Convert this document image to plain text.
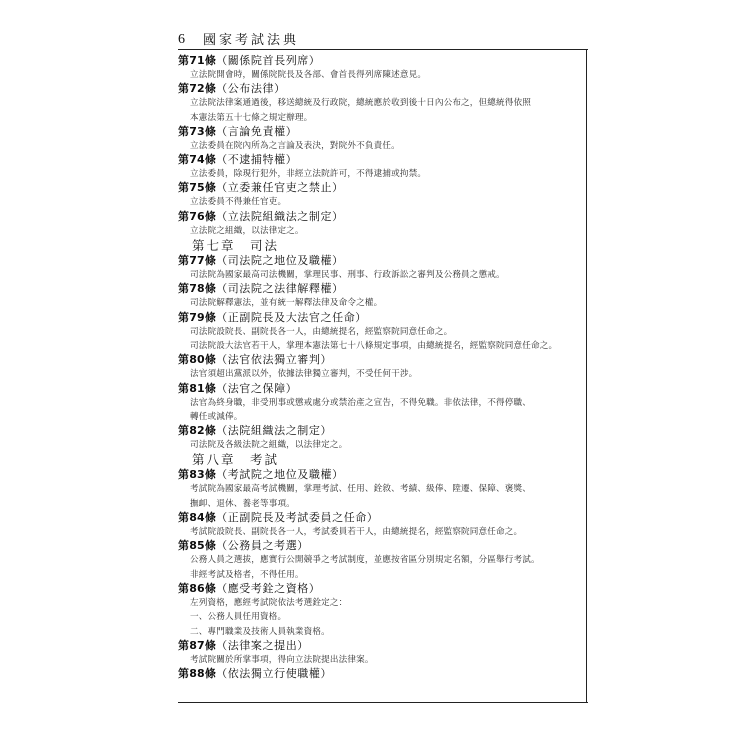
6 國家考試法典
第71條（關係院首長列席）
立法院開會時，關係院院長及各部、會首長得列席陳述意見。
第72條（公布法律）
立法院法律案通過後，移送總統及行政院，總統應於收到後十日內公布之，但總統得依照
本憲法第五十七條之規定辦理。
第73條（言論免責權）
立法委員在院內所為之言論及表決，對院外不負責任。
第74條（不逮捕特權）
立法委員，除現行犯外，非經立法院許可，不得逮捕或拘禁。
第75條（立委兼任官吏之禁止）
立法委員不得兼任官吏。
第76條（立法院組織法之制定）
立法院之組織，以法律定之。
第七章　司法
第77條（司法院之地位及職權）
司法院為國家最高司法機關，掌理民事、刑事、行政訴訟之審判及公務員之懲戒。
第78條（司法院之法律解釋權）
司法院解釋憲法，並有統一解釋法律及命令之權。
第79條（正副院長及大法官之任命）
司法院設院長、副院長各一人，由總統提名，經監察院同意任命之。
司法院設大法官若干人，掌理本憲法第七十八條規定事項，由總統提名，經監察院同意任命之。
第80條（法官依法獨立審判）
法官須超出黨派以外，依據法律獨立審判，不受任何干涉。
第81條（法官之保障）
法官為終身職，非受刑事或懲戒處分或禁治產之宣告，不得免職。非依法律，不得停職、
轉任或減俸。
第82條（法院組織法之制定）
司法院及各級法院之組織，以法律定之。
第八章　考試
第83條（考試院之地位及職權）
考試院為國家最高考試機關，掌理考試、任用、銓敘、考績、級俸、陞遷、保障、褒獎、
撫卹、退休、養老等事項。
第84條（正副院長及考試委員之任命）
考試院設院長、副院長各一人，考試委員若干人，由總統提名，經監察院同意任命之。
第85條（公務員之考選）
公務人員之選拔，應實行公開競爭之考試制度，並應按省區分別規定名額，分區舉行考試。
非經考試及格者，不得任用。
第86條（應受考銓之資格）
左列資格，應經考試院依法考選銓定之：
一、公務人員任用資格。
二、專門職業及技術人員執業資格。
第87條（法律案之提出）
考試院關於所掌事項，得向立法院提出法律案。
第88條（依法獨立行使職權）
